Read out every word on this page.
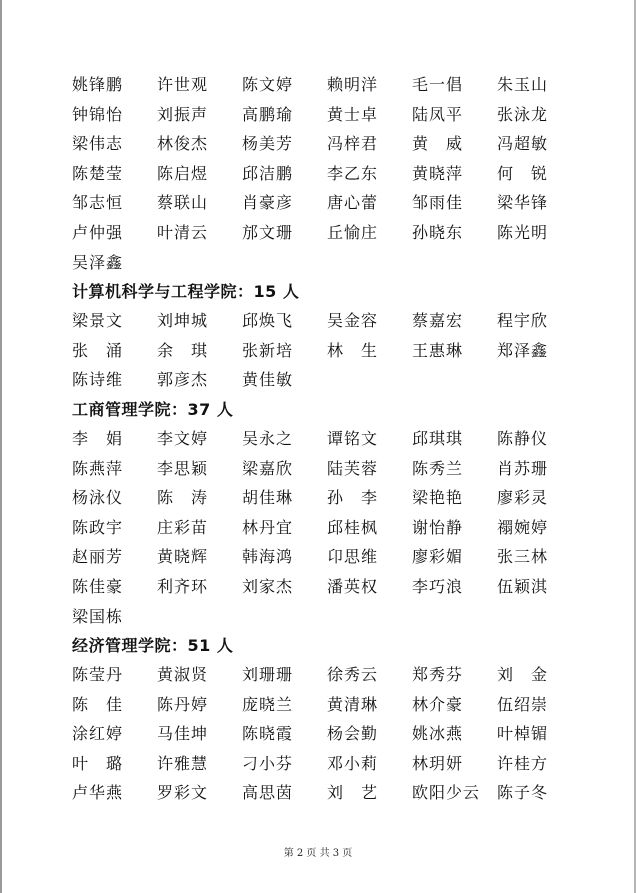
姚锋鹏	许世观	陈文婷	赖明洋	毛一倡	朱玉山
钟锦怡	刘振声	高鹏瑜	黄士卓	陆凤平	张泳龙
梁伟志	林俊杰	杨美芳	冯梓君	黄　威	冯超敏
陈楚莹	陈启煜	邱洁鹏	李乙东	黄晓萍	何　锐
邹志恒	蔡联山	肖豪彦	唐心蕾	邹雨佳	梁华锋
卢仲强	叶清云	邡文珊	丘愉庄	孙晓东	陈光明
吴泽鑫
计算机科学与工程学院：15 人
梁景文	刘坤城	邱焕飞	吴金容	蔡嘉宏	程宇欣
张　涌	余　琪	张新培	林　生	王惠琳	郑泽鑫
陈诗维	郭彦杰	黄佳敏
工商管理学院：37 人
李　娟	李文婷	吴永之	谭铭文	邱琪琪	陈静仪
陈燕萍	李思颖	梁嘉欣	陆芙蓉	陈秀兰	肖苏珊
杨泳仪	陈　涛	胡佳琳	孙　李	梁艳艳	廖彩灵
陈政宇	庄彩苗	林丹宜	邱桂枫	谢怡静	禤婉婷
赵丽芳	黄晓辉	韩海鸿	卬思维	廖彩媚	张三林
陈佳豪	利齐环	刘家杰	潘英权	李巧浪	伍颖淇
梁国栋
经济管理学院：51 人
陈莹丹	黄淑贤	刘珊珊	徐秀云	郑秀芬	刘　金
陈　佳	陈丹婷	庞晓兰	黄清琳	林介豪	伍绍崇
涂红婷	马佳坤	陈晓霞	杨会勤	姚冰燕	叶棹镅
叶　璐	许雅慧	刁小芬	邓小莉	林玥妍	许桂方
卢华燕	罗彩文	高思茵	刘　艺	欧阳少云	陈子冬
第 2 页 共 3 页
